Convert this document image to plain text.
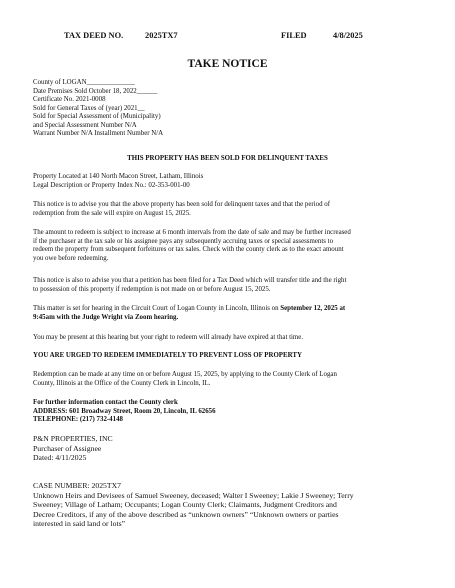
TAX DEED NO.	2025TX7	FILED	4/8/2025
TAKE NOTICE
County of LOGAN______________
Date Premises Sold October 18, 2022______
Certificate No. 2021-0008
Sold for General Taxes of (year) 2021__
Sold for Special Assessment of (Municipality)
and Special Assessment Number N/A
Warrant Number N/A Installment Number N/A
THIS PROPERTY HAS BEEN SOLD FOR DELINQUENT TAXES
Property Located at 140 North Macon Street, Latham, Illinois
Legal Description or Property Index No.: 02-353-001-00
This notice is to advise you that the above property has been sold for delinquent taxes and that the period of
redemption from the sale will expire on August 15, 2025.
The amount to redeem is subject to increase at 6 month intervals from the date of sale and may be further increased
if the purchaser at the tax sale or his assignee pays any subsequently accruing taxes or special assessments to
redeem the property from subsequent forfeitures or tax sales. Check with the county clerk as to the exact amount
you owe before redeeming.
This notice is also to advise you that a petition has been filed for a Tax Deed which will transfer title and the right
to possession of this property if redemption is not made on or before August 15, 2025.
This matter is set for hearing in the Circuit Court of Logan County in Lincoln, Illinois on September 12, 2025 at
9:45am with the Judge Wright via Zoom hearing.
You may be present at this hearing but your right to redeem will already have expired at that time.
YOU ARE URGED TO REDEEM IMMEDIATELY TO PREVENT LOSS OF PROPERTY
Redemption can be made at any time on or before August 15, 2025, by applying to the County Clerk of Logan
County, Illinois at the Office of the County Clerk in Lincoln, IL.
For further information contact the County clerk
ADDRESS: 601 Broadway Street, Room 20, Lincoln, IL 62656
TELEPHONE: (217) 732-4148
P&N PROPERTIES, INC
Purchaser of Assignee
Dated: 4/11/2025
CASE NUMBER: 2025TX7
Unknown Heirs and Devisees of Samuel Sweeney, deceased; Walter I Sweeney; Lakie J Sweeney; Terry
Sweeney; Village of Latham; Occupants; Logan County Clerk; Claimants, Judgment Creditors and
Decree Creditors, if any of the above described as “unknown owners” “Unknown owners or parties
interested in said land or lots”
